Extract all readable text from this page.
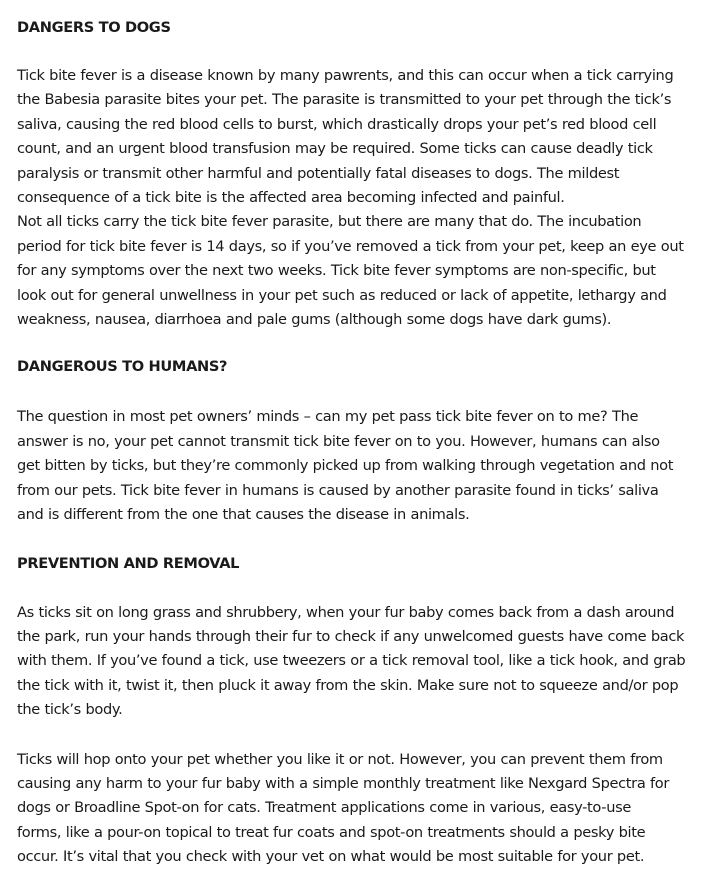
DANGERS TO DOGS

Tick bite fever is a disease known by many pawrents, and this can occur when a tick carrying
the Babesia parasite bites your pet. The parasite is transmitted to your pet through the tick’s
saliva, causing the red blood cells to burst, which drastically drops your pet’s red blood cell
count, and an urgent blood transfusion may be required. Some ticks can cause deadly tick
paralysis or transmit other harmful and potentially fatal diseases to dogs. The mildest
consequence of a tick bite is the affected area becoming infected and painful.
Not all ticks carry the tick bite fever parasite, but there are many that do. The incubation
period for tick bite fever is 14 days, so if you’ve removed a tick from your pet, keep an eye out
for any symptoms over the next two weeks. Tick bite fever symptoms are non-specific, but
look out for general unwellness in your pet such as reduced or lack of appetite, lethargy and
weakness, nausea, diarrhoea and pale gums (although some dogs have dark gums).

DANGEROUS TO HUMANS?

The question in most pet owners’ minds – can my pet pass tick bite fever on to me? The
answer is no, your pet cannot transmit tick bite fever on to you. However, humans can also
get bitten by ticks, but they’re commonly picked up from walking through vegetation and not
from our pets. Tick bite fever in humans is caused by another parasite found in ticks’ saliva
and is different from the one that causes the disease in animals.

PREVENTION AND REMOVAL

As ticks sit on long grass and shrubbery, when your fur baby comes back from a dash around
the park, run your hands through their fur to check if any unwelcomed guests have come back
with them. If you’ve found a tick, use tweezers or a tick removal tool, like a tick hook, and grab
the tick with it, twist it, then pluck it away from the skin. Make sure not to squeeze and/or pop
the tick’s body.

Ticks will hop onto your pet whether you like it or not. However, you can prevent them from
causing any harm to your fur baby with a simple monthly treatment like Nexgard Spectra for
dogs or Broadline Spot-on for cats. Treatment applications come in various, easy-to-use
forms, like a pour-on topical to treat fur coats and spot-on treatments should a pesky bite
occur. It’s vital that you check with your vet on what would be most suitable for your pet.
